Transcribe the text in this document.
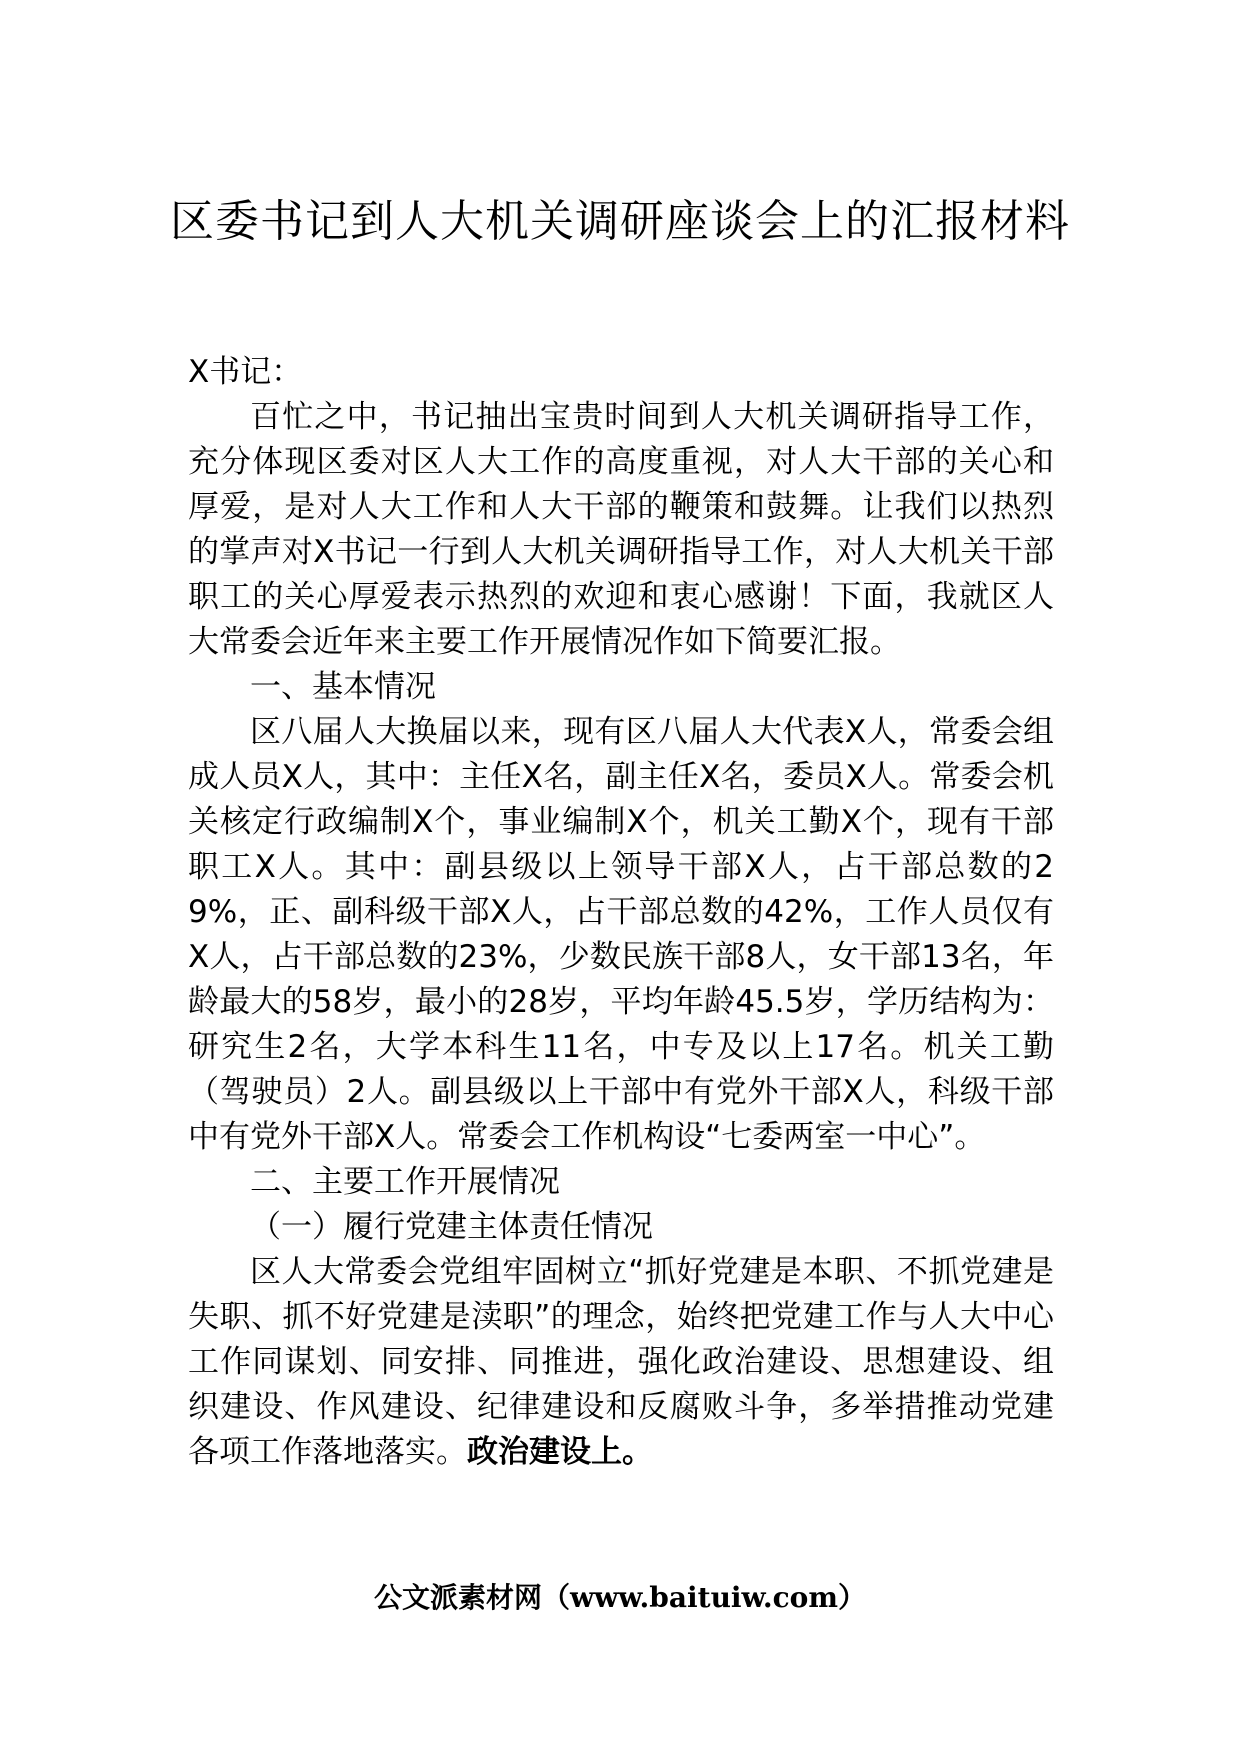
区委书记到人大机关调研座谈会上的汇报材料

X书记：

百忙之中，书记抽出宝贵时间到人大机关调研指导工作，充分体现区委对区人大工作的高度重视，对人大干部的关心和厚爱，是对人大工作和人大干部的鞭策和鼓舞。让我们以热烈的掌声对X书记一行到人大机关调研指导工作，对人大机关干部职工的关心厚爱表示热烈的欢迎和衷心感谢！下面，我就区人大常委会近年来主要工作开展情况作如下简要汇报。

一、基本情况

区八届人大换届以来，现有区八届人大代表X人，常委会组成人员X人，其中：主任X名，副主任X名，委员X人。常委会机关核定行政编制X个，事业编制X个，机关工勤X个，现有干部职工X人。其中：副县级以上领导干部X人，占干部总数的29%，正、副科级干部X人，占干部总数的42%，工作人员仅有X人，占干部总数的23%，少数民族干部8人，女干部13名，年龄最大的58岁，最小的28岁，平均年龄45.5岁，学历结构为：研究生2名，大学本科生11名，中专及以上17名。机关工勤（驾驶员）2人。副县级以上干部中有党外干部X人，科级干部中有党外干部X人。常委会工作机构设“七委两室一中心”。

二、主要工作开展情况

（一）履行党建主体责任情况

区人大常委会党组牢固树立“抓好党建是本职、不抓党建是失职、抓不好党建是渎职”的理念，始终把党建工作与人大中心工作同谋划、同安排、同推进，强化政治建设、思想建设、组织建设、作风建设、纪律建设和反腐败斗争，多举措推动党建各项工作落地落实。政治建设上。

公文派素材网（www.baituiw.com）
